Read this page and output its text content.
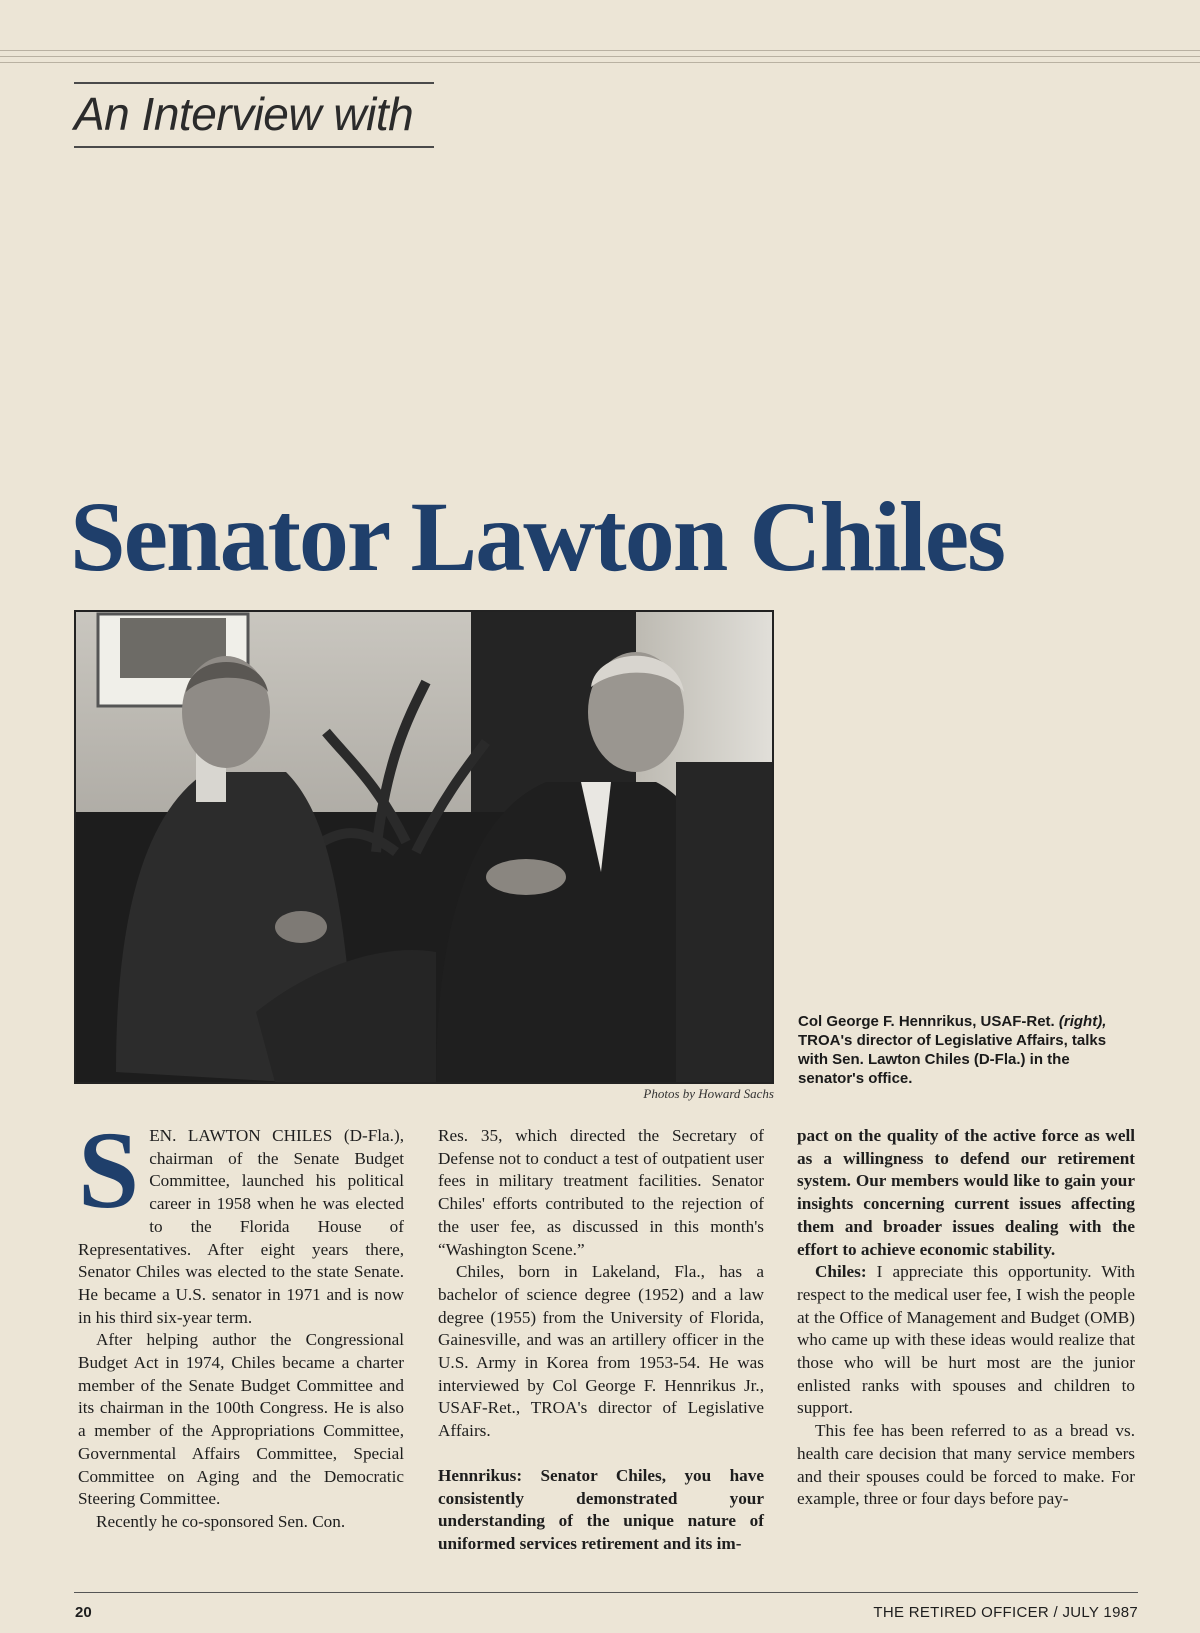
An Interview with
Senator Lawton Chiles
Photos by Howard Sachs
Col George F. Hennrikus, USAF-Ret. (right), TROA's director of Legislative Affairs, talks with Sen. Lawton Chiles (D-Fla.) in the senator's office.

SEN. LAWTON CHILES (D-Fla.), chairman of the Senate Budget Committee, launched his political career in 1958 when he was elected to the Florida House of Representatives. After eight years there, Senator Chiles was elected to the state Senate. He became a U.S. senator in 1971 and is now in his third six-year term.

After helping author the Congressional Budget Act in 1974, Chiles became a charter member of the Senate Budget Committee and its chairman in the 100th Congress. He is also a member of the Appropriations Committee, Governmental Affairs Committee, Special Committee on Aging and the Democratic Steering Committee.

Recently he co-sponsored Sen. Con.

Res. 35, which directed the Secretary of Defense not to conduct a test of outpatient user fees in military treatment facilities. Senator Chiles' efforts contributed to the rejection of the user fee, as discussed in this month's “Washington Scene.”

Chiles, born in Lakeland, Fla., has a bachelor of science degree (1952) and a law degree (1955) from the University of Florida, Gainesville, and was an artillery officer in the U.S. Army in Korea from 1953-54. He was interviewed by Col George F. Hennrikus Jr., USAF-Ret., TROA's director of Legislative Affairs.

Hennrikus: Senator Chiles, you have consistently demonstrated your understanding of the unique nature of uniformed services retirement and its im-

pact on the quality of the active force as well as a willingness to defend our retirement system. Our members would like to gain your insights concerning current issues affecting them and broader issues dealing with the effort to achieve economic stability.

Chiles: I appreciate this opportunity. With respect to the medical user fee, I wish the people at the Office of Management and Budget (OMB) who came up with these ideas would realize that those who will be hurt most are the junior enlisted ranks with spouses and children to support.

This fee has been referred to as a bread vs. health care decision that many service members and their spouses could be forced to make. For example, three or four days before pay-

20	THE RETIRED OFFICER / JULY 1987
